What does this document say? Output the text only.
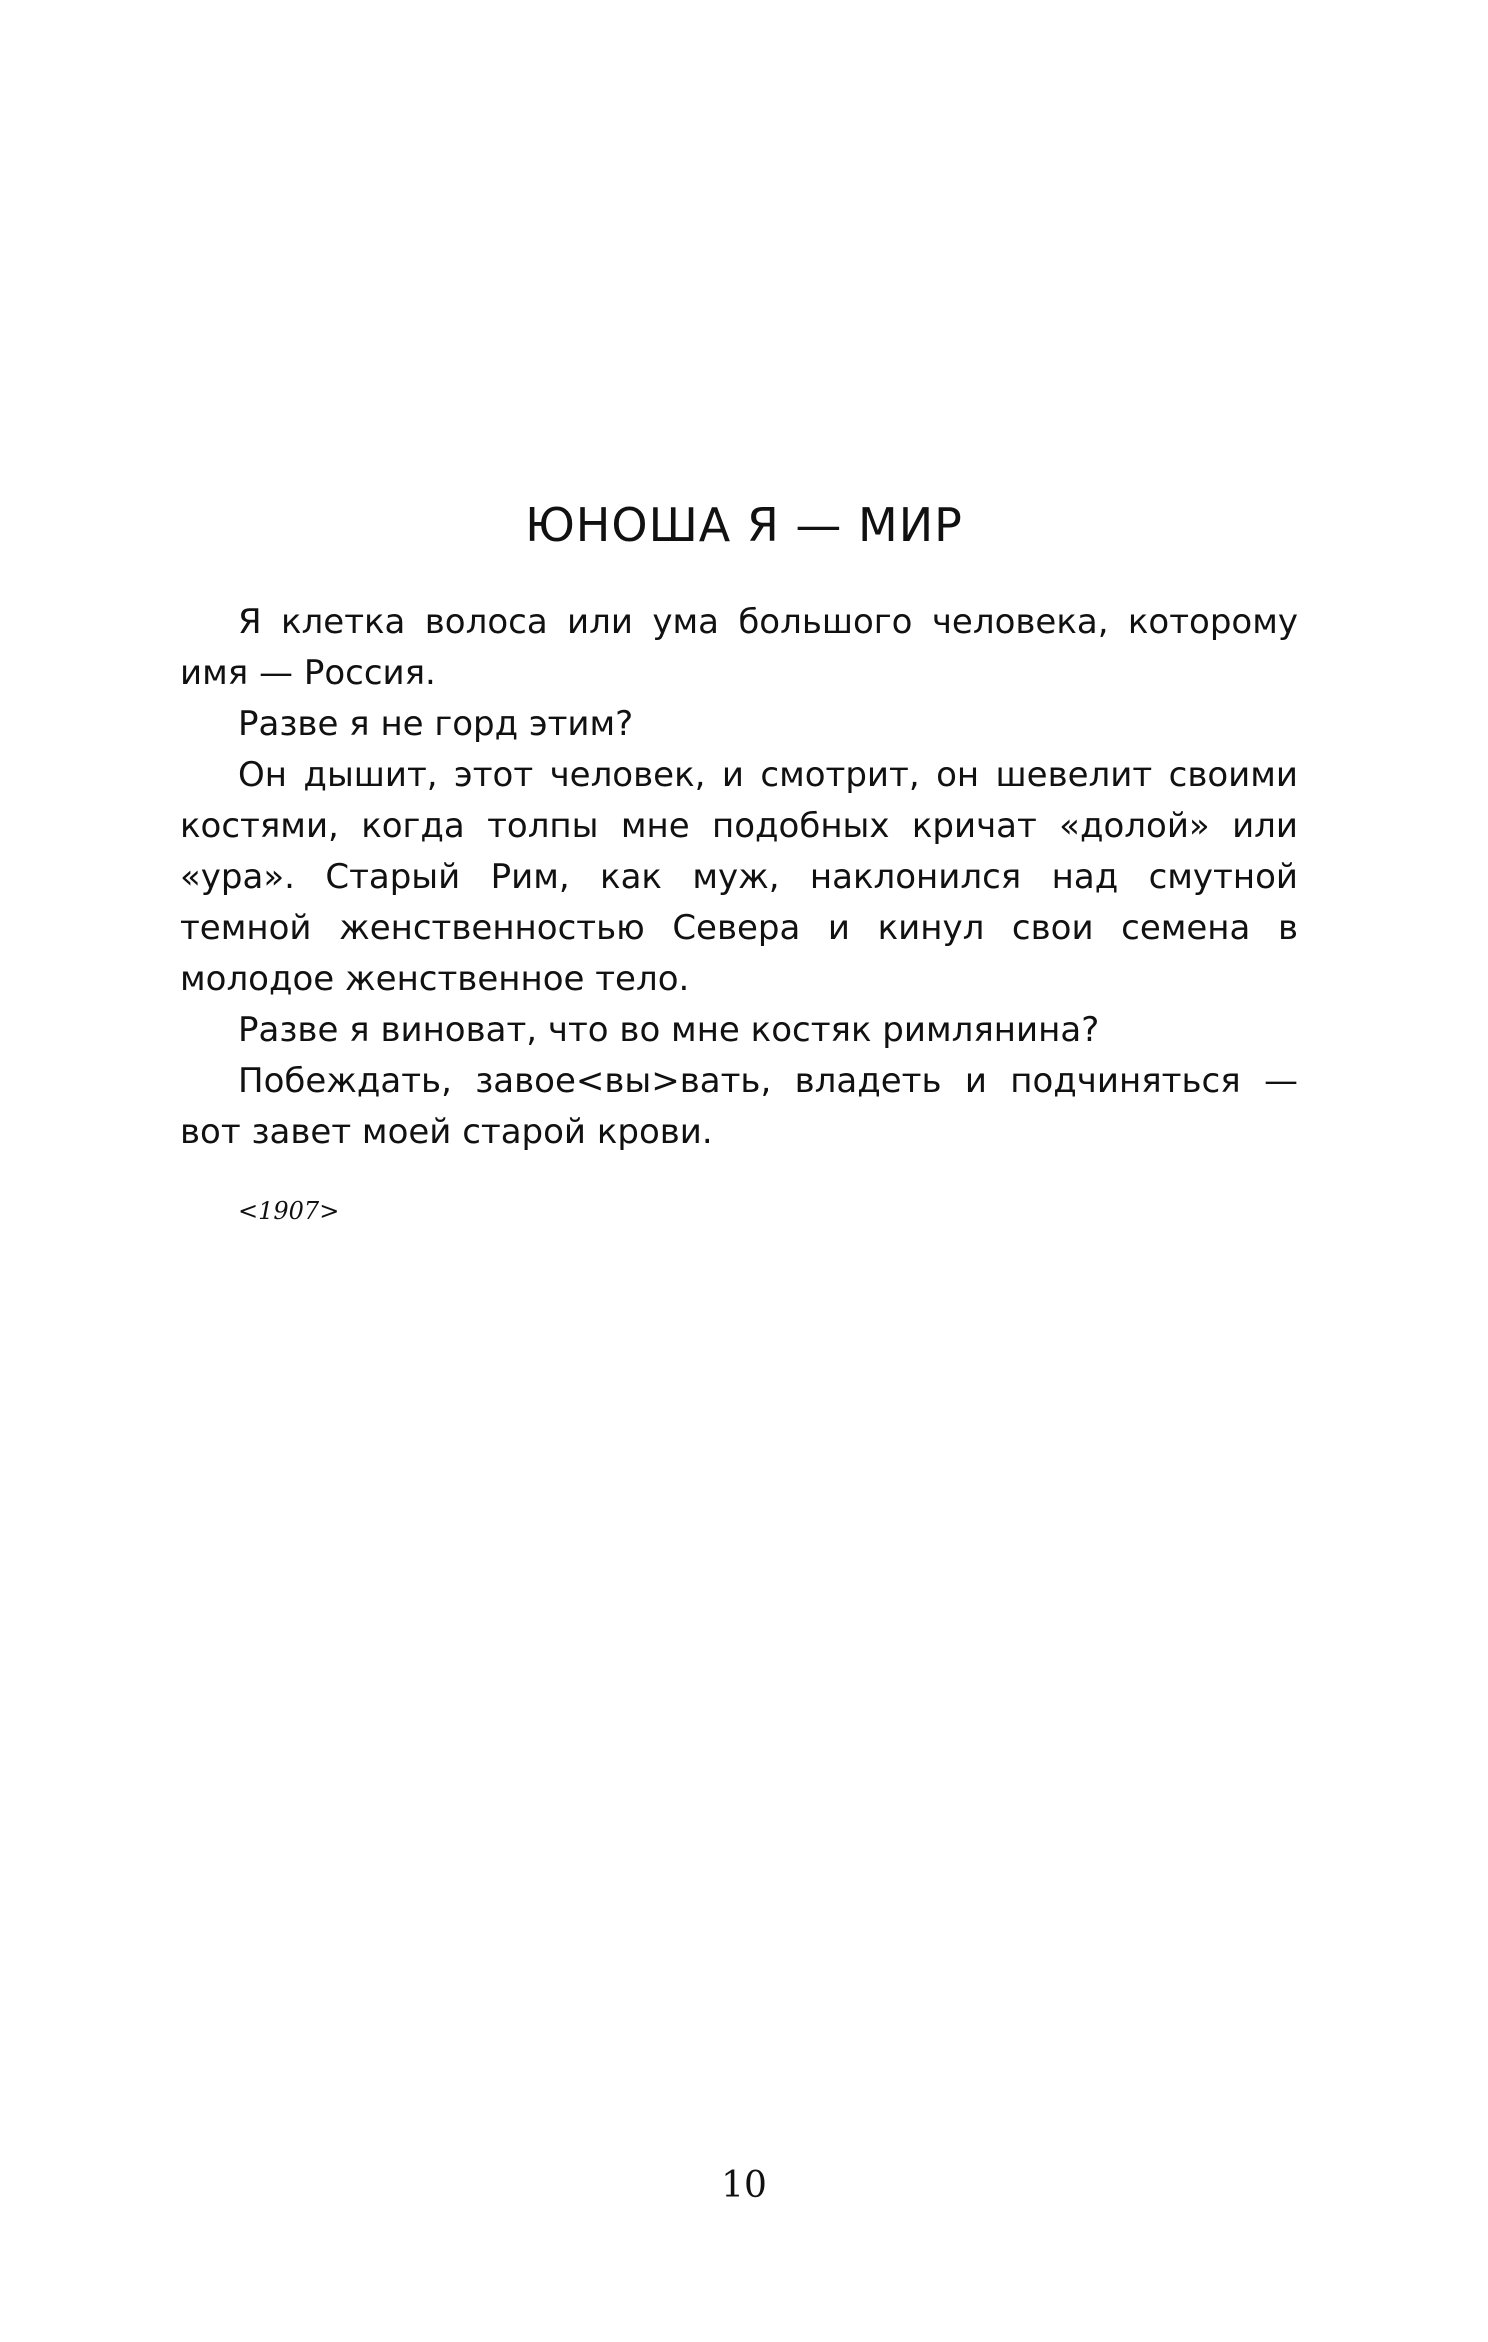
ЮНОША Я — МИР

Я клетка волоса или ума большого человека, которому имя — Россия.

Разве я не горд этим?

Он дышит, этот человек, и смотрит, он шевелит своими костями, когда толпы мне подобных кричат «долой» или «ура». Старый Рим, как муж, наклонился над смутной темной женственностью Севера и кинул свои семена в молодое женственное тело.

Разве я виноват, что во мне костяк римлянина?

Побеждать, завое<вы>вать, владеть и подчиняться — вот завет моей старой крови.

<1907>
10
